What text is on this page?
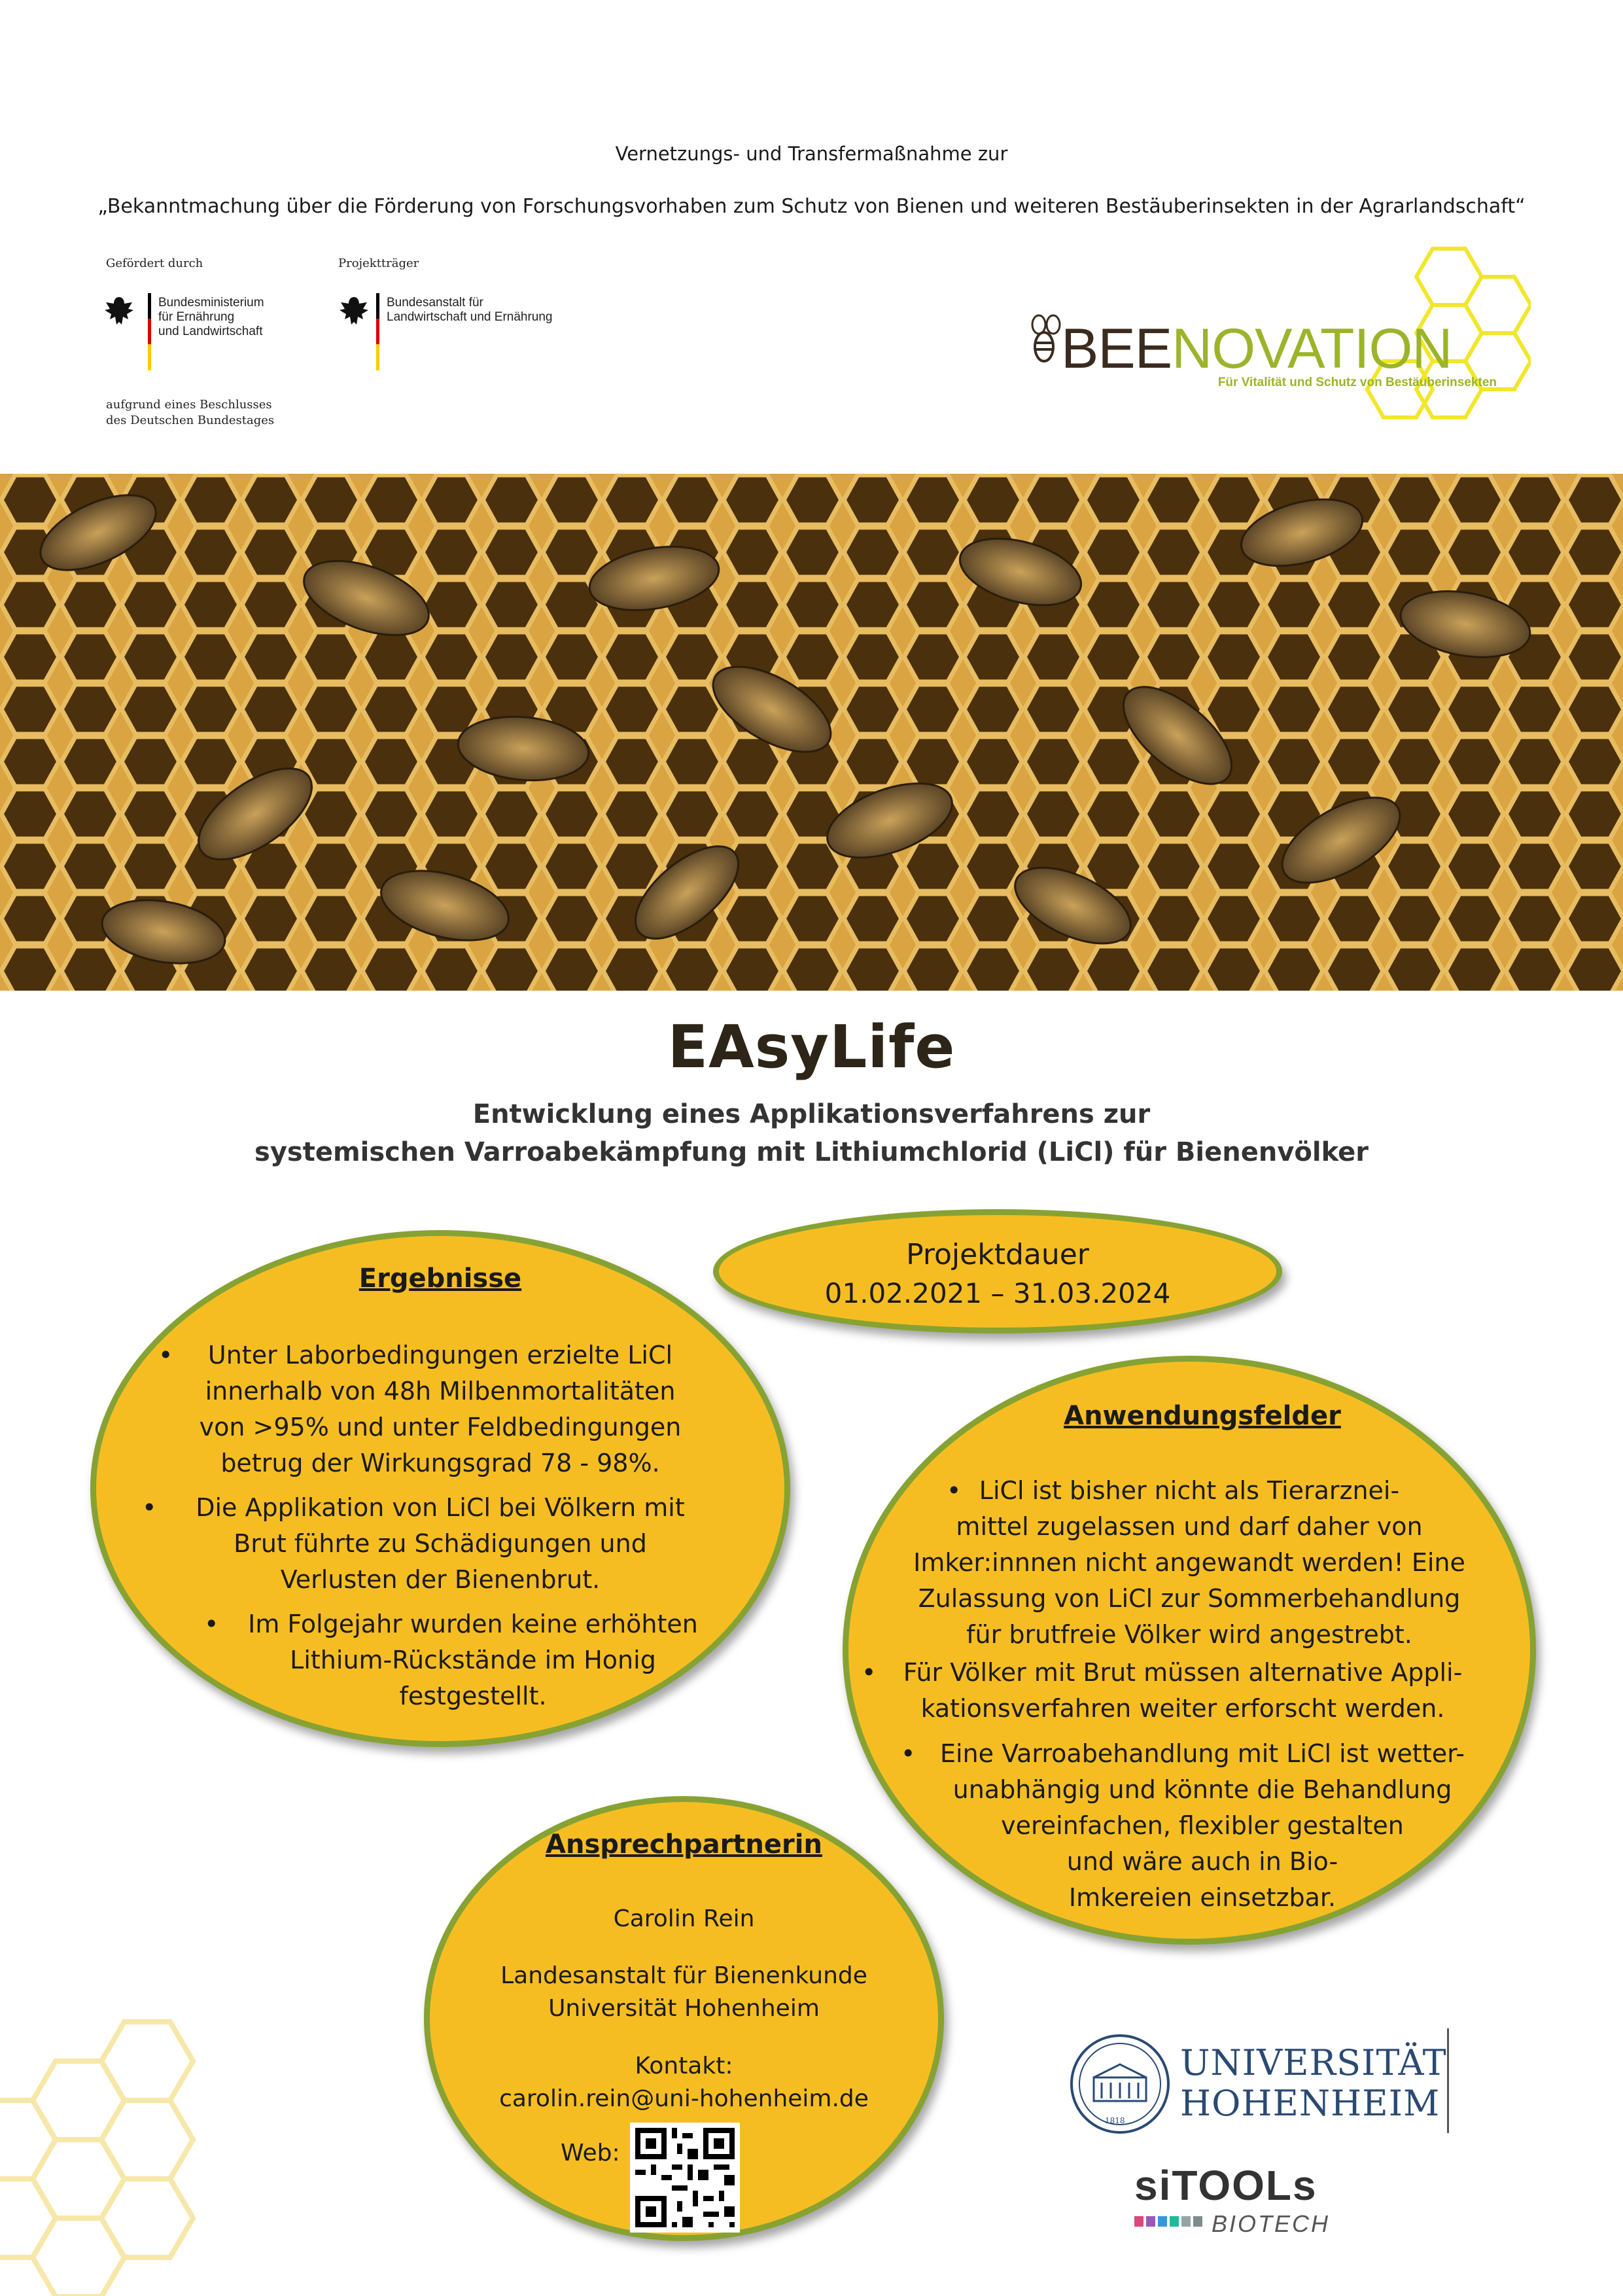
Vernetzungs- und Transfermaßnahme zur
„Bekanntmachung über die Förderung von Forschungsvorhaben zum Schutz von Bienen und weiteren Bestäuberinsekten in der Agrarlandschaft“
Gefördert durch
Bundesministerium
für Ernährung
und Landwirtschaft
Projektträger
Bundesanstalt für
Landwirtschaft und Ernährung
aufgrund eines Beschlusses
des Deutschen Bundestages
BEENOVATION
Für Vitalität und Schutz von Bestäuberinsekten
EAsyLife
Entwicklung eines Applikationsverfahrens zur
systemischen Varroabekämpfung mit Lithiumchlorid (LiCl) für Bienenvölker
Projektdauer
01.02.2021 – 31.03.2024
Ergebnisse
• Unter Laborbedingungen erzielte LiCl
innerhalb von 48h Milbenmortalitäten
von >95% und unter Feldbedingungen
betrug der Wirkungsgrad 78 - 98%.
• Die Applikation von LiCl bei Völkern mit
Brut führte zu Schädigungen und
Verlusten der Bienenbrut.
• Im Folgejahr wurden keine erhöhten
Lithium-Rückstände im Honig
festgestellt.
Anwendungsfelder
• LiCl ist bisher nicht als Tierarznei-
mittel zugelassen und darf daher von
Imker:innnen nicht angewandt werden! Eine
Zulassung von LiCl zur Sommerbehandlung
für brutfreie Völker wird angestrebt.
• Für Völker mit Brut müssen alternative Appli-
kationsverfahren weiter erforscht werden.
• Eine Varroabehandlung mit LiCl ist wetter-
unabhängig und könnte die Behandlung
vereinfachen, flexibler gestalten
und wäre auch in Bio-
Imkereien einsetzbar.
Ansprechpartnerin
Carolin Rein
Landesanstalt für Bienenkunde
Universität Hohenheim
Kontakt:
carolin.rein@uni-hohenheim.de
Web:
1818
UNIVERSITÄT
HOHENHEIM
siTOOLs
BIOTECH
